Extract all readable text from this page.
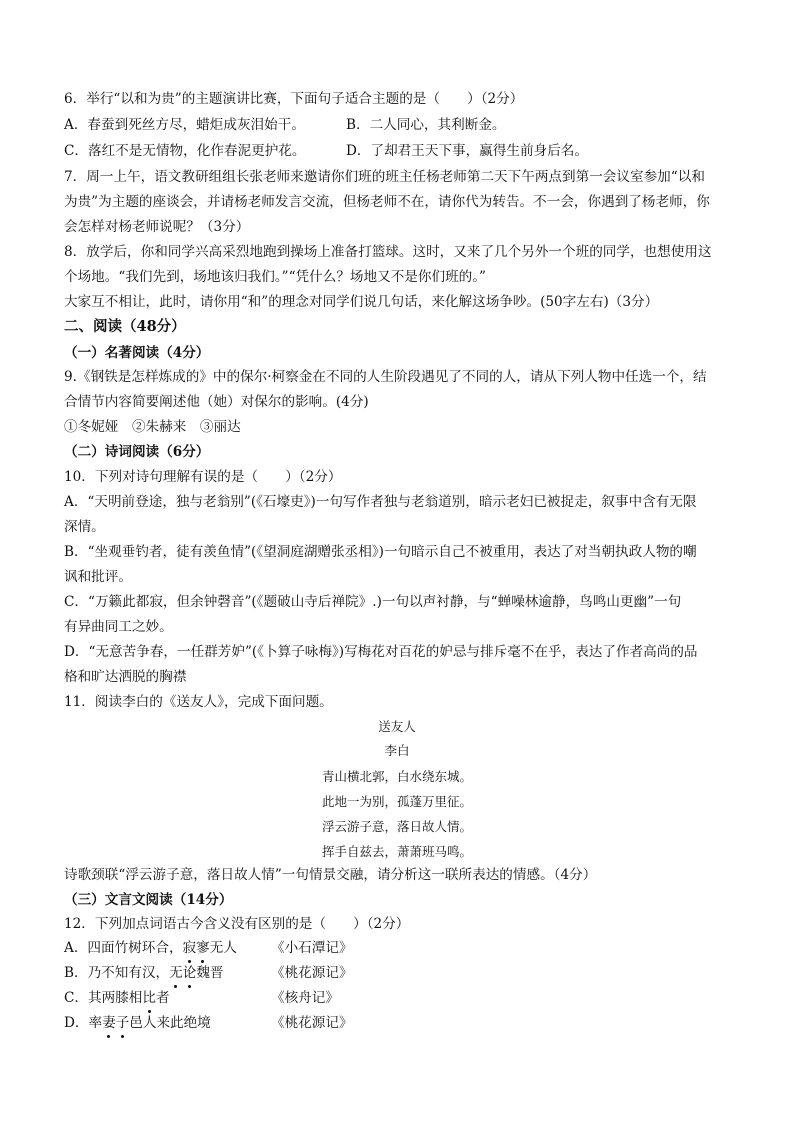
6．举行“以和为贵”的主题演讲比赛，下面句子适合主题的是（　　）（2分）
A．春蚕到死丝方尽，蜡炬成灰泪始干。	B．二人同心，其利断金。
C．落红不是无情物，化作春泥更护花。	D．了却君王天下事，赢得生前身后名。
7．周一上午，语文教研组组长张老师来邀请你们班的班主任杨老师第二天下午两点到第一会议室参加“以和
为贵”为主题的座谈会，并请杨老师发言交流，但杨老师不在，请你代为转告。不一会，你遇到了杨老师，你
会怎样对杨老师说呢？（3分）
8．放学后，你和同学兴高采烈地跑到操场上准备打篮球。这时，又来了几个另外一个班的同学，也想使用这
个场地。“我们先到，场地该归我们。”“凭什么？场地又不是你们班的。”
大家互不相让，此时，请你用“和”的理念对同学们说几句话，来化解这场争吵。(50字左右)（3分）
二、阅读（48分）
（一）名著阅读（4分）
9.《钢铁是怎样炼成的》中的保尔·柯察金在不同的人生阶段遇见了不同的人，请从下列人物中任选一个，结
合情节内容简要阐述他（她）对保尔的影响。(4分)
①冬妮娅　②朱赫来　③丽达
（二）诗词阅读（6分）
10．下列对诗句理解有误的是（　　）（2分）
A．“天明前登途，独与老翁别”(《石壕吏》)一句写作者独与老翁道别，暗示老妇已被捉走，叙事中含有无限
深情。
B．“坐观垂钓者，徒有羡鱼情”(《望洞庭湖赠张丞相》)一句暗示自己不被重用，表达了对当朝执政人物的嘲
讽和批评。
C．“万籁此都寂，但余钟磬音”(《题破山寺后禅院》.)一句以声衬静，与“蝉噪林逾静，鸟鸣山更幽”一句
有异曲同工之妙。
D．“无意苦争春，一任群芳妒”(《卜算子咏梅》)写梅花对百花的妒忌与排斥毫不在乎，表达了作者高尚的品
格和旷达洒脱的胸襟
11．阅读李白的《送友人》，完成下面问题。
送友人
李白
青山横北郭，白水绕东城。
此地一为别，孤蓬万里征。
浮云游子意，落日故人情。
挥手自兹去，萧萧班马鸣。
诗歌颈联“浮云游子意，落日故人情”一句情景交融，请分析这一联所表达的情感。（4分）
（三）文言文阅读（14分）
12．下列加点词语古今含义没有区别的是（　　）（2分）
A．四面竹树环合，寂寥无人	《小石潭记》
B．乃不知有汉，无论魏晋	《桃花源记》
C．其两膝相比者	《核舟记》
D．率妻子邑人来此绝境	《桃花源记》
